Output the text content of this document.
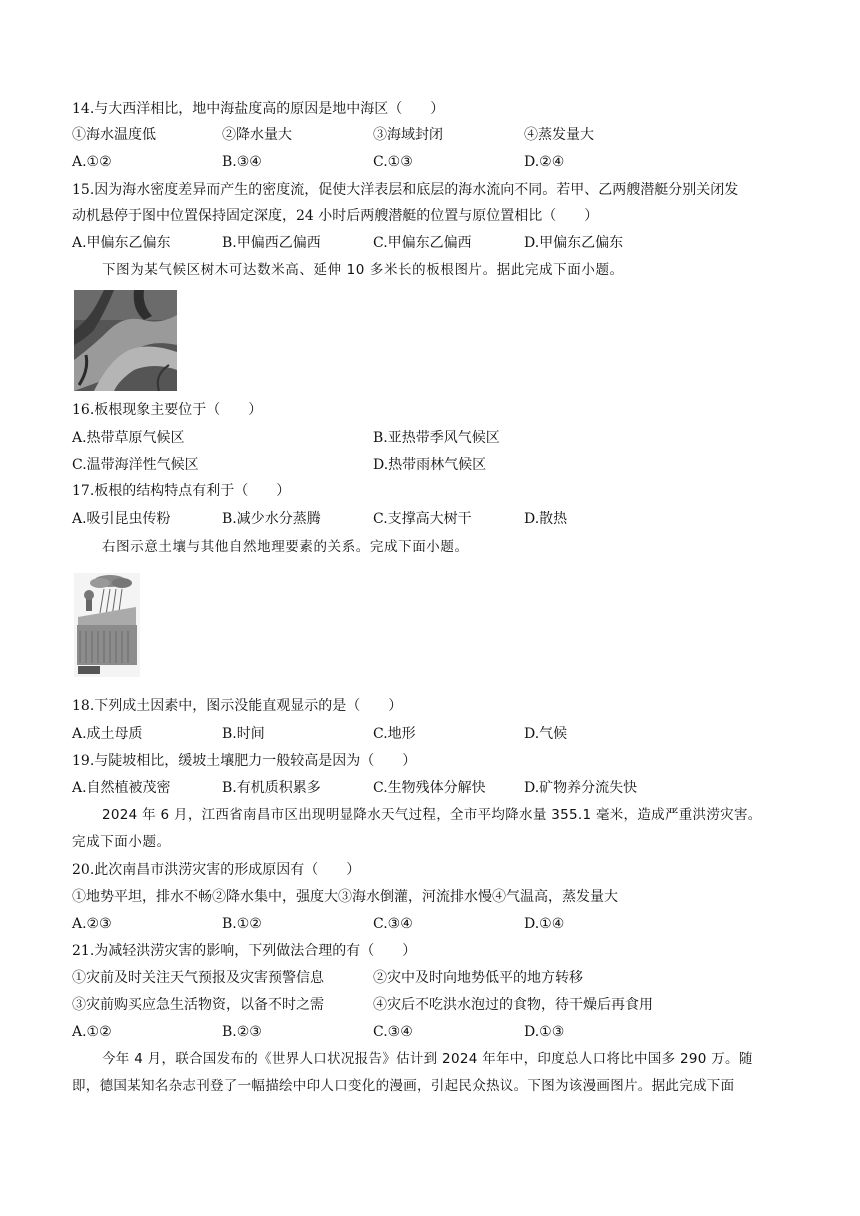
14.与大西洋相比，地中海盐度高的原因是地中海区（　　）
①海水温度低	②降水量大	③海域封闭	④蒸发量大
A.①②	B.③④	C.①③	D.②④
15.因为海水密度差异而产生的密度流，促使大洋表层和底层的海水流向不同。若甲、乙两艘潜艇分别关闭发
动机悬停于图中位置保持固定深度，24 小时后两艘潜艇的位置与原位置相比（　　）
A.甲偏东乙偏东	B.甲偏西乙偏西	C.甲偏东乙偏西	D.甲偏东乙偏东
下图为某气候区树木可达数米高、延伸 10 多米长的板根图片。据此完成下面小题。
16.板根现象主要位于（　　）
A.热带草原气候区	B.亚热带季风气候区
C.温带海洋性气候区	D.热带雨林气候区
17.板根的结构特点有利于（　　）
A.吸引昆虫传粉	B.减少水分蒸腾	C.支撑高大树干	D.散热
右图示意土壤与其他自然地理要素的关系。完成下面小题。
18.下列成土因素中，图示没能直观显示的是（　　）
A.成土母质	B.时间	C.地形	D.气候
19.与陡坡相比，缓坡土壤肥力一般较高是因为（　　）
A.自然植被茂密	B.有机质积累多	C.生物残体分解快	D.矿物养分流失快
2024 年 6 月，江西省南昌市区出现明显降水天气过程，全市平均降水量 355.1 毫米，造成严重洪涝灾害。
完成下面小题。
20.此次南昌市洪涝灾害的形成原因有（　　）
①地势平坦，排水不畅②降水集中，强度大③海水倒灌，河流排水慢④气温高，蒸发量大
A.②③	B.①②	C.③④	D.①④
21.为减轻洪涝灾害的影响，下列做法合理的有（　　）
①灾前及时关注天气预报及灾害预警信息	②灾中及时向地势低平的地方转移
③灾前购买应急生活物资，以备不时之需	④灾后不吃洪水泡过的食物，待干燥后再食用
A.①②	B.②③	C.③④	D.①③
今年 4 月，联合国发布的《世界人口状况报告》估计到 2024 年年中，印度总人口将比中国多 290 万。随
即，德国某知名杂志刊登了一幅描绘中印人口变化的漫画，引起民众热议。下图为该漫画图片。据此完成下面
